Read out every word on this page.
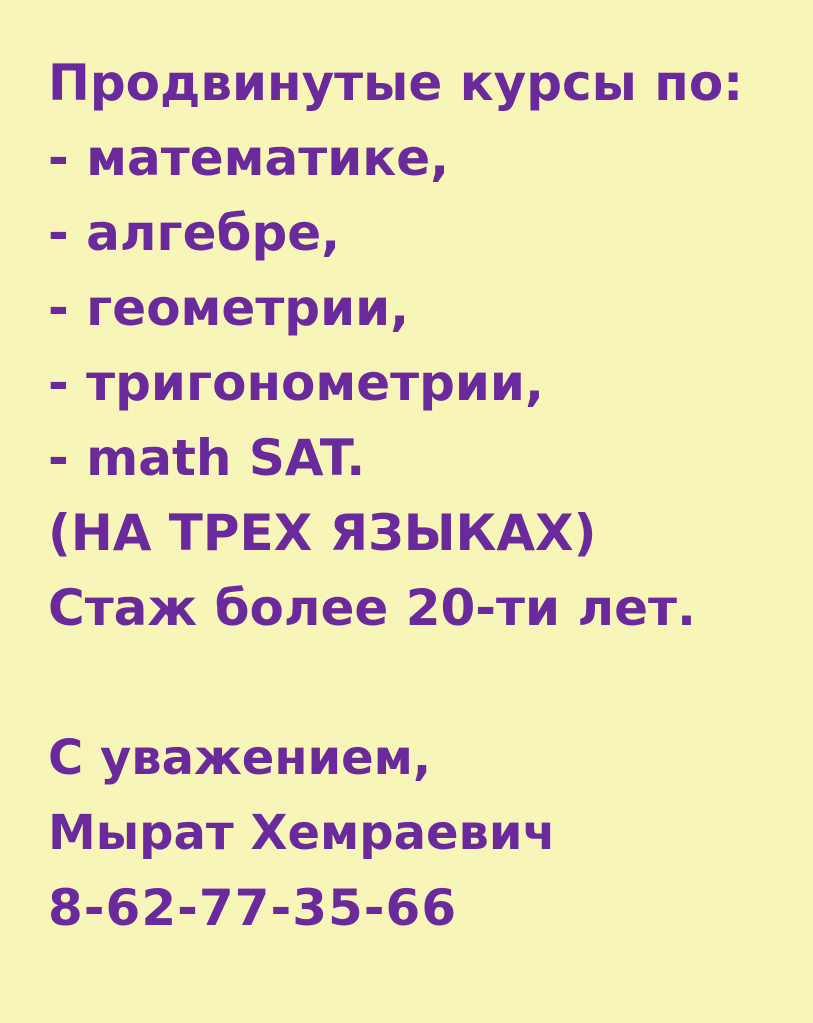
Продвинутые курсы по:
- математике,
- алгебре,
- геометрии,
- тригонометрии,
- math SAT.
(НА ТРЕХ ЯЗЫКАХ)
Стаж более 20-ти лет.
С уважением,
Мырат Хемраевич
8-62-77-35-66
